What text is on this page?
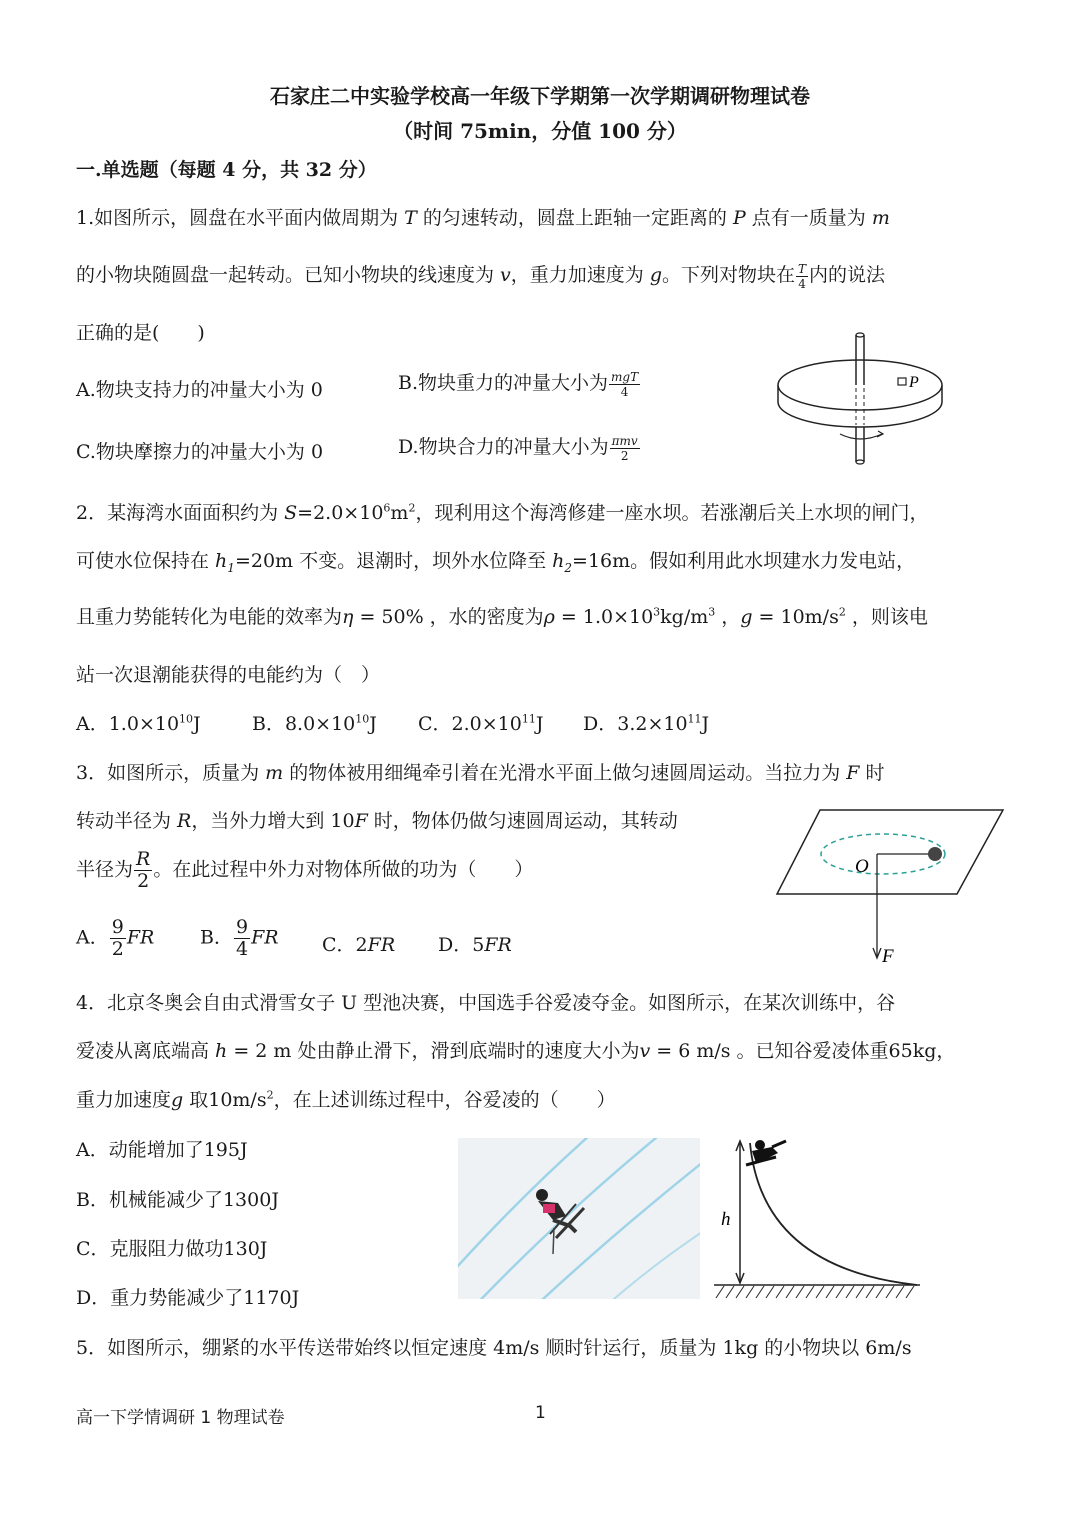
石家庄二中实验学校高一年级下学期第一次学期调研物理试卷
（时间 75min，分值 100 分）
一.单选题（每题 4 分，共 32 分）
1.如图所示，圆盘在水平面内做周期为 T 的匀速转动，圆盘上距轴一定距离的 P 点有一质量为 m
的小物块随圆盘一起转动。已知小物块的线速度为 v，重力加速度为 g。下列对物块在 $\frac{T}{4}$ 内的说法
正确的是(　　)
A.物块支持力的冲量大小为 0	B.物块重力的冲量大小为 $\frac{\text{mgT}}{4}$
C.物块摩擦力的冲量大小为 0	D.物块合力的冲量大小为 $\frac{\text{πmv}}{2}$
P
2．某海湾水面面积约为 $S=2.0\times 10^6m^2$，现利用这个海湾修建一座水坝。若涨潮后关上水坝的闸门，
可使水位保持在 $h_1=20m$ 不变。退潮时，坝外水位降至 $h_2=16m$。假如利用此水坝建水力发电站，
且重力势能转化为电能的效率为η = 50% ，水的密度为$\rho = 1.0\times 10^3kg/m^3$ ，$g = 10m/s^2$ ，则该电
站一次退潮能获得的电能约为（　）
A．$1.0\times 10^{10}J$	B．$8.0\times 10^{10}J$ C．$2.0\times 10^{11}J$ D．$3.2\times 10^{11}J$
3．如图所示，质量为 m 的物体被用细绳牵引着在光滑水平面上做匀速圆周运动。当拉力为 F 时
转动半径为 R，当外力增大到 10F 时，物体仍做匀速圆周运动，其转动
半径为 $\frac{R}{2}$ 。在此过程中外力对物体所做的功为（　　）
A． $\frac{9}{2}$ FR B． $\frac{9}{4}$ FR C．2FR D．5FR
O
F
4．北京冬奥会自由式滑雪女子 U 型池决赛，中国选手谷爱凌夺金。如图所示，在某次训练中，谷
爱凌从离底端高 h = 2 m 处由静止滑下，滑到底端时的速度大小为v = 6 m/s 。已知谷爱凌体重65kg，
重力加速度g 取$10m/s^2$，在上述训练过程中，谷爱凌的（　　）
A．动能增加了195J
B．机械能减少了1300J
C．克服阻力做功130J
D．重力势能减少了1170J
h
5．如图所示，绷紧的水平传送带始终以恒定速度 4m/s 顺时针运行，质量为 1kg 的小物块以 6m/s
高一下学情调研 1 物理试卷	1
